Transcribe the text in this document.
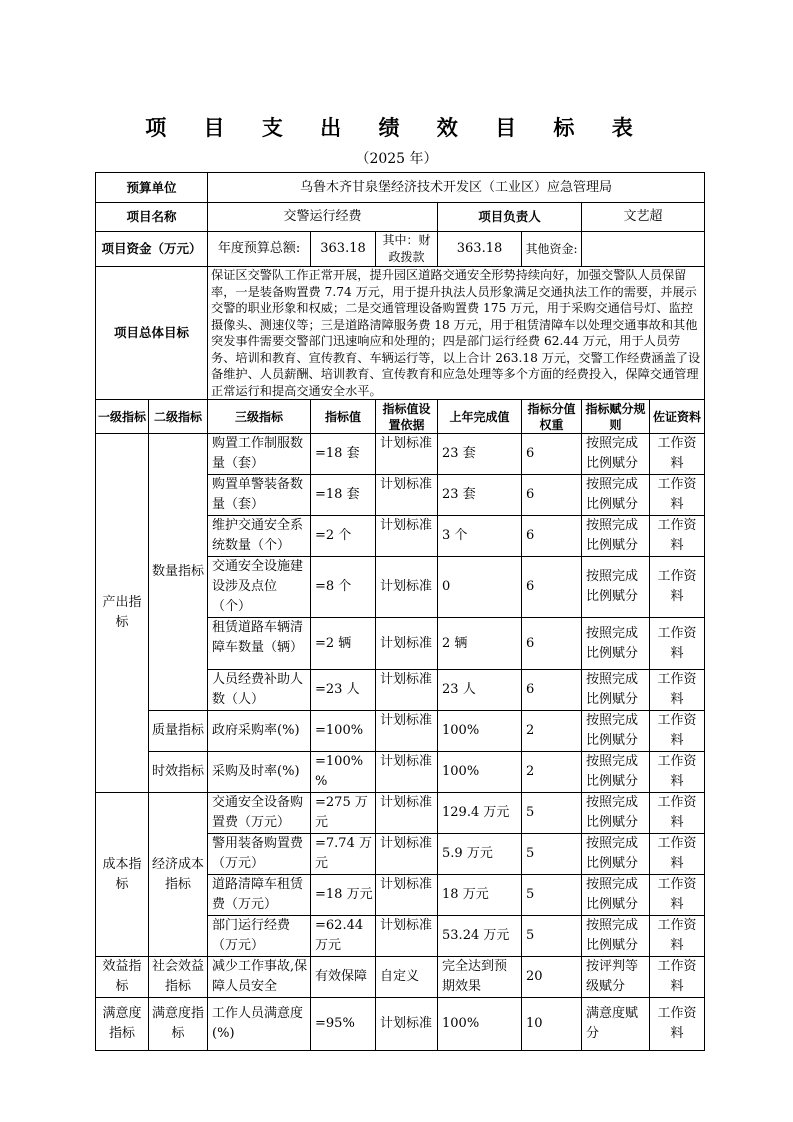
项 目 支 出 绩 效 目 标 表
（2025 年）
预算单位		乌鲁木齐甘泉堡经济技术开发区（工业区）应急管理局						
项目名称		交警运行经费			项目负责人		文艺超	
项目资金（万元）		年度预算总额:	363.18	其中：财政拨款	363.18	其他资金:		
项目总体目标		保证区交警队工作正常开展，提升园区道路交通安全形势持续向好，加强交警队人员保留率，一是装备购置费 7.74 万元，用于提升执法人员形象满足交通执法工作的需要，并展示交警的职业形象和权威；二是交通管理设备购置费 175 万元，用于采购交通信号灯、监控摄像头、测速仪等；三是道路清障服务费 18 万元，用于租赁清障车以处理交通事故和其他突发事件需要交警部门迅速响应和处理的；四是部门运行经费 62.44 万元，用于人员劳务、培训和教育、宣传教育、车辆运行等，以上合计 263.18 万元，交警工作经费涵盖了设备维护、人员薪酬、培训教育、宣传教育和应急处理等多个方面的经费投入，保障交通管理正常运行和提高交通安全水平。						
一级指标	二级指标	三级指标	指标值	指标值设置依据	上年完成值	指标分值权重	指标赋分规则	佐证资料
产出指标	数量指标	购置工作制服数量（套）	=18 套	计划标准	23 套	6	按照完成比例赋分	工作资料
		购置单警装备数量（套）	=18 套	计划标准	23 套	6	按照完成比例赋分	工作资料
		维护交通安全系统数量（个）	=2 个	计划标准	3 个	6	按照完成比例赋分	工作资料
		交通安全设施建设涉及点位（个）	=8 个	计划标准	0	6	按照完成比例赋分	工作资料
		租赁道路车辆清障车数量（辆）	=2 辆	计划标准	2 辆	6	按照完成比例赋分	工作资料
		人员经费补助人数（人）	=23 人	计划标准	23 人	6	按照完成比例赋分	工作资料
	质量指标	政府采购率(%)	=100%	计划标准	100%	2	按照完成比例赋分	工作资料
	时效指标	采购及时率(%)	=100%%	计划标准	100%	2	按照完成比例赋分	工作资料
成本指标	经济成本指标	交通安全设备购置费（万元）	=275 万元	计划标准	129.4 万元	5	按照完成比例赋分	工作资料
		警用装备购置费（万元）	=7.74 万元	计划标准	5.9 万元	5	按照完成比例赋分	工作资料
		道路清障车租赁费（万元）	=18 万元	计划标准	18 万元	5	按照完成比例赋分	工作资料
		部门运行经费（万元）	=62.44 万元	计划标准	53.24 万元	5	按照完成比例赋分	工作资料
效益指标	社会效益指标	减少工作事故,保障人员安全	有效保障	自定义	完全达到预期效果	20	按评判等级赋分	工作资料
满意度指标	满意度指标	工作人员满意度(%)	=95%	计划标准	100%	10	满意度赋分	工作资料
